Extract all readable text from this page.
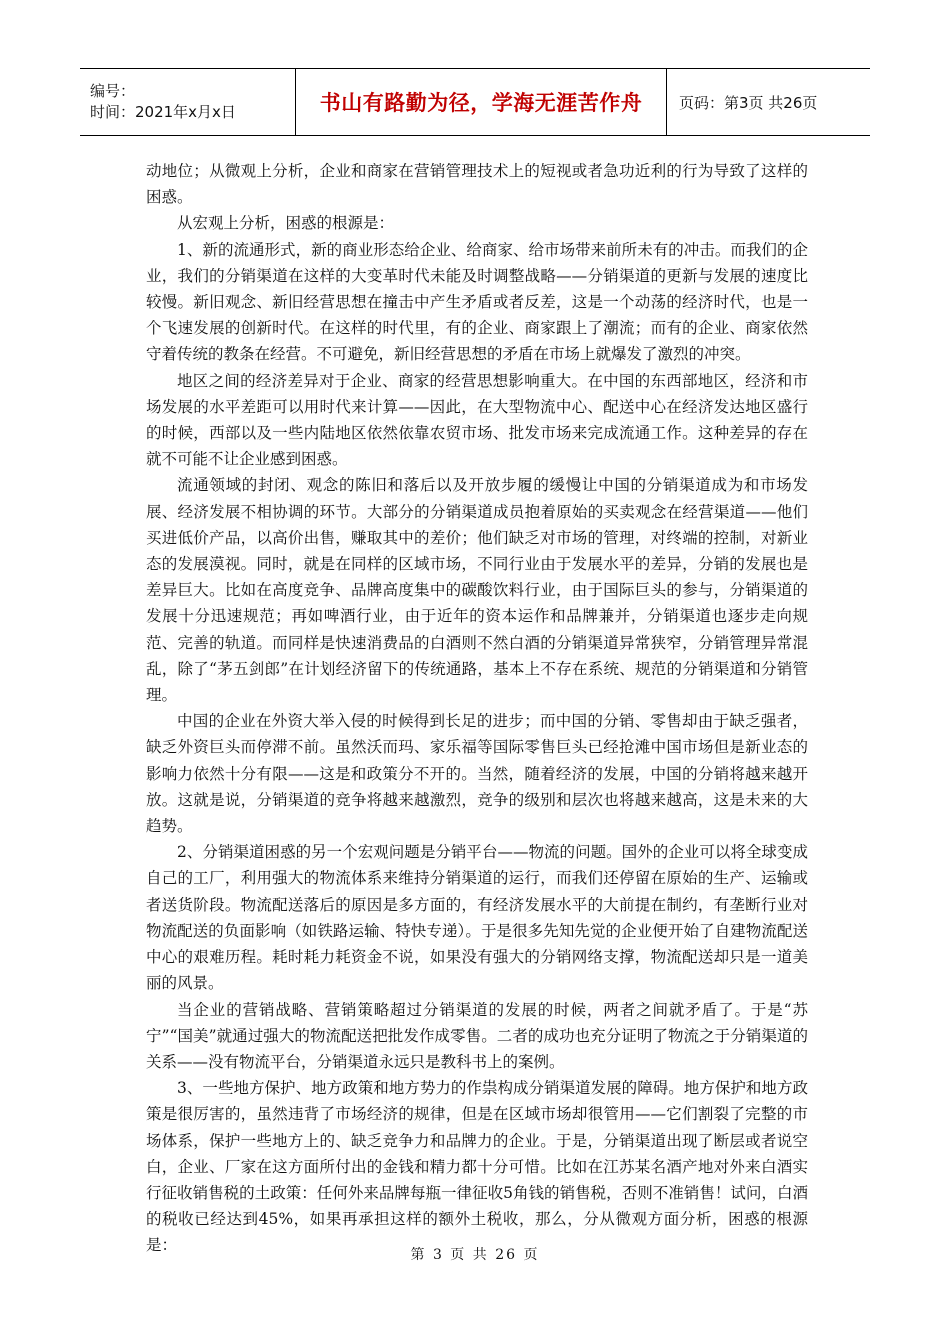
编号：
时间：2021年x月x日	书山有路勤为径，学海无涯苦作舟	页码：第3页 共26页

动地位；从微观上分析，企业和商家在营销管理技术上的短视或者急功近利的行为导致了这样的困惑。

从宏观上分析，困惑的根源是：

1、新的流通形式，新的商业形态给企业、给商家、给市场带来前所未有的冲击。而我们的企业，我们的分销渠道在这样的大变革时代未能及时调整战略——分销渠道的更新与发展的速度比较慢。新旧观念、新旧经营思想在撞击中产生矛盾或者反差，这是一个动荡的经济时代，也是一个飞速发展的创新时代。在这样的时代里，有的企业、商家跟上了潮流；而有的企业、商家依然守着传统的教条在经营。不可避免，新旧经营思想的矛盾在市场上就爆发了激烈的冲突。

地区之间的经济差异对于企业、商家的经营思想影响重大。在中国的东西部地区，经济和市场发展的水平差距可以用时代来计算——因此，在大型物流中心、配送中心在经济发达地区盛行的时候，西部以及一些内陆地区依然依靠农贸市场、批发市场来完成流通工作。这种差异的存在就不可能不让企业感到困惑。

流通领域的封闭、观念的陈旧和落后以及开放步履的缓慢让中国的分销渠道成为和市场发展、经济发展不相协调的环节。大部分的分销渠道成员抱着原始的买卖观念在经营渠道——他们买进低价产品，以高价出售，赚取其中的差价；他们缺乏对市场的管理，对终端的控制，对新业态的发展漠视。同时，就是在同样的区域市场，不同行业由于发展水平的差异，分销的发展也是差异巨大。比如在高度竞争、品牌高度集中的碳酸饮料行业，由于国际巨头的参与，分销渠道的发展十分迅速规范；再如啤酒行业，由于近年的资本运作和品牌兼并，分销渠道也逐步走向规范、完善的轨道。而同样是快速消费品的白酒则不然白酒的分销渠道异常狭窄，分销管理异常混乱，除了“茅五剑郎”在计划经济留下的传统通路，基本上不存在系统、规范的分销渠道和分销管理。

中国的企业在外资大举入侵的时候得到长足的进步；而中国的分销、零售却由于缺乏强者，缺乏外资巨头而停滞不前。虽然沃而玛、家乐福等国际零售巨头已经抢滩中国市场但是新业态的影响力依然十分有限——这是和政策分不开的。当然，随着经济的发展，中国的分销将越来越开放。这就是说，分销渠道的竞争将越来越激烈，竞争的级别和层次也将越来越高，这是未来的大趋势。

2、分销渠道困惑的另一个宏观问题是分销平台——物流的问题。国外的企业可以将全球变成自己的工厂，利用强大的物流体系来维持分销渠道的运行，而我们还停留在原始的生产、运输或者送货阶段。物流配送落后的原因是多方面的，有经济发展水平的大前提在制约，有垄断行业对物流配送的负面影响（如铁路运输、特快专递）。于是很多先知先觉的企业便开始了自建物流配送中心的艰难历程。耗时耗力耗资金不说，如果没有强大的分销网络支撑，物流配送却只是一道美丽的风景。

当企业的营销战略、营销策略超过分销渠道的发展的时候，两者之间就矛盾了。于是“苏宁”“国美”就通过强大的物流配送把批发作成零售。二者的成功也充分证明了物流之于分销渠道的关系——没有物流平台，分销渠道永远只是教科书上的案例。

3、一些地方保护、地方政策和地方势力的作祟构成分销渠道发展的障碍。地方保护和地方政策是很厉害的，虽然违背了市场经济的规律，但是在区域市场却很管用——它们割裂了完整的市场体系，保护一些地方上的、缺乏竞争力和品牌力的企业。于是，分销渠道出现了断层或者说空白，企业、厂家在这方面所付出的金钱和精力都十分可惜。比如在江苏某名酒产地对外来白酒实行征收销售税的土政策：任何外来品牌每瓶一律征收5角钱的销售税，否则不准销售！试问，白酒的税收已经达到45%，如果再承担这样的额外土税收，那么，分从微观方面分析，困惑的根源是：

第 3 页 共 26 页
